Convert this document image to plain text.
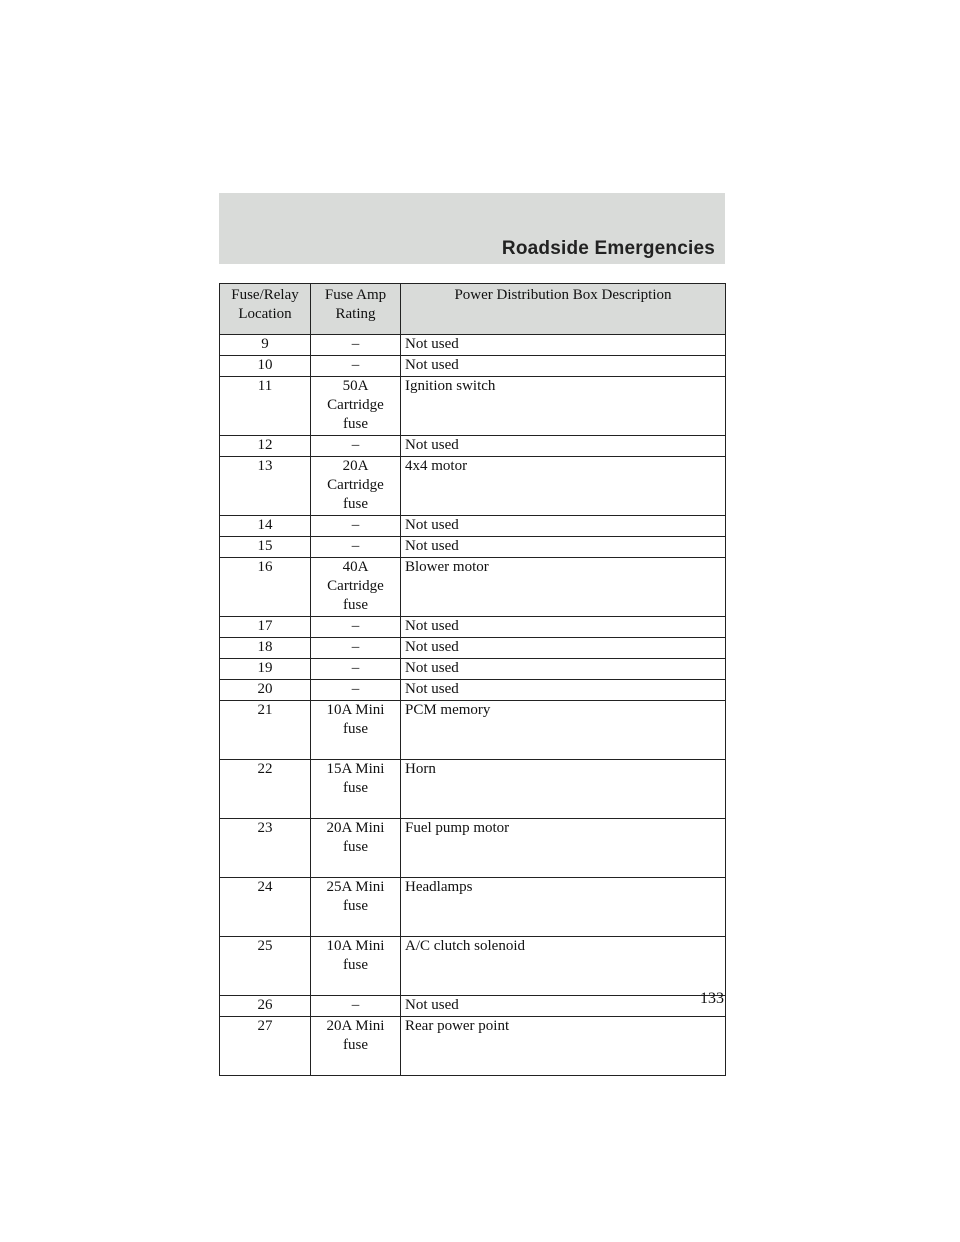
Roadside Emergencies
Fuse/Relay Location	Fuse Amp Rating	Power Distribution Box Description
9	–	Not used
10	–	Not used
11	50A Cartridge fuse	Ignition switch
12	–	Not used
13	20A Cartridge fuse	4x4 motor
14	–	Not used
15	–	Not used
16	40A Cartridge fuse	Blower motor
17	–	Not used
18	–	Not used
19	–	Not used
20	–	Not used
21	10A Mini fuse	PCM memory
22	15A Mini fuse	Horn
23	20A Mini fuse	Fuel pump motor
24	25A Mini fuse	Headlamps
25	10A Mini fuse	A/C clutch solenoid
26	–	Not used
27	20A Mini fuse	Rear power point
133
